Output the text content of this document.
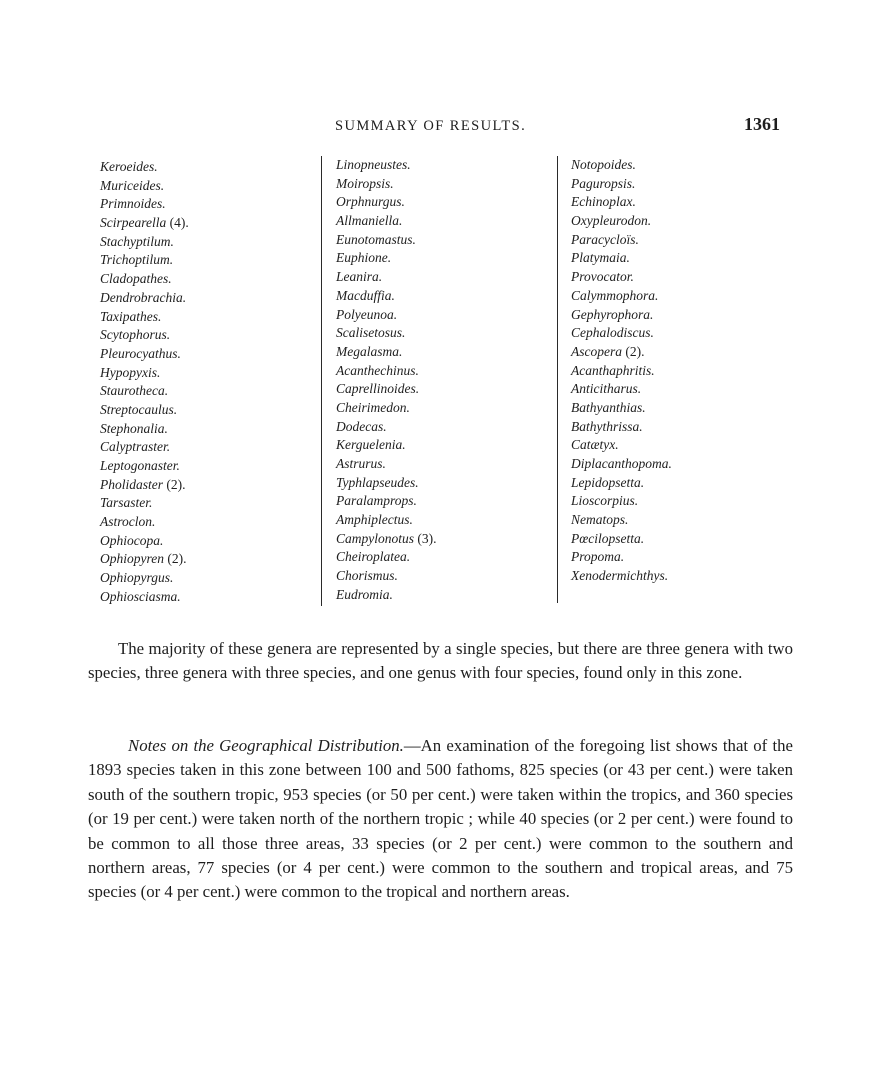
SUMMARY OF RESULTS.	1361
Keroeides.
Muriceides.
Primnoides.
Scirpearella (4).
Stachyptilum.
Trichoptilum.
Cladopathes.
Dendrobrachia.
Taxipathes.
Scytophorus.
Pleurocyathus.
Hypopyxis.
Staurotheca.
Streptocaulus.
Stephonalia.
Calyptraster.
Leptogonaster.
Pholidaster (2).
Tarsaster.
Astroclon.
Ophiocopa.
Ophiopyren (2).
Ophiopyrgus.
Ophiosciasma.
Linopneustes.
Moiropsis.
Orphnurgus.
Allmaniella.
Eunotomastus.
Euphione.
Leanira.
Macduffia.
Polyeunoa.
Scalisetosus.
Megalasma.
Acanthechinus.
Caprellinoides.
Cheirimedon.
Dodecas.
Kerguelenia.
Astrurus.
Typhlapseudes.
Paralamprops.
Amphiplectus.
Campylonotus (3).
Cheiroplatea.
Chorismus.
Eudromia.
Notopoides.
Paguropsis.
Echinoplax.
Oxypleurodon.
Paracycloïs.
Platymaia.
Provocator.
Calymmophora.
Gephyrophora.
Cephalodiscus.
Ascopera (2).
Acanthaphritis.
Anticitharus.
Bathyanthias.
Bathythrissa.
Catætyx.
Diplacanthopoma.
Lepidopsetta.
Lioscorpius.
Nematops.
Pœcilopsetta.
Propoma.
Xenodermichthys.

The majority of these genera are represented by a single species, but there are three genera with two species, three genera with three species, and one genus with four species, found only in this zone.

Notes on the Geographical Distribution.—An examination of the foregoing list shows that of the 1893 species taken in this zone between 100 and 500 fathoms, 825 species (or 43 per cent.) were taken south of the southern tropic, 953 species (or 50 per cent.) were taken within the tropics, and 360 species (or 19 per cent.) were taken north of the northern tropic ; while 40 species (or 2 per cent.) were found to be common to all those three areas, 33 species (or 2 per cent.) were common to the southern and northern areas, 77 species (or 4 per cent.) were common to the southern and tropical areas, and 75 species (or 4 per cent.) were common to the tropical and northern areas.
